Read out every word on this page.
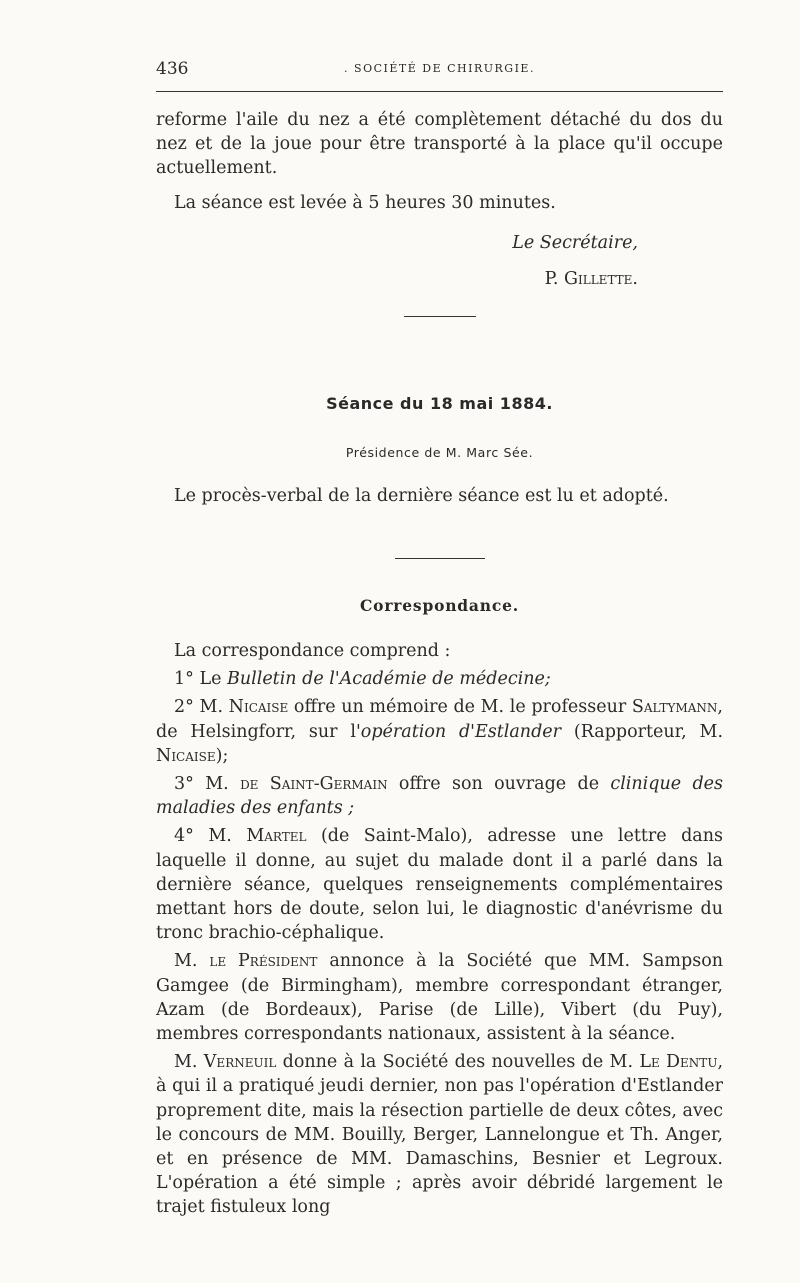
436	. SOCIÉTÉ DE CHIRURGIE.

reforme l'aile du nez a été complètement détaché du dos du nez et de la joue pour être transporté à la place qu'il occupe actuellement.

La séance est levée à 5 heures 30 minutes.

Le Secrétaire,
P. Gillette.
Séance du 18 mai 1884.
Présidence de M. Marc Sée.

Le procès-verbal de la dernière séance est lu et adopté.

Correspondance.

La correspondance comprend :

1° Le Bulletin de l'Académie de médecine;

2° M. Nicaise offre un mémoire de M. le professeur Saltymann, de Helsingforr, sur l'opération d'Estlander (Rapporteur, M. Nicaise);

3° M. de Saint-Germain offre son ouvrage de clinique des maladies des enfants ;

4° M. Martel (de Saint-Malo), adresse une lettre dans laquelle il donne, au sujet du malade dont il a parlé dans la dernière séance, quelques renseignements complémentaires mettant hors de doute, selon lui, le diagnostic d'anévrisme du tronc brachio-céphalique.

M. le Président annonce à la Société que MM. Sampson Gamgee (de Birmingham), membre correspondant étranger, Azam (de Bordeaux), Parise (de Lille), Vibert (du Puy), membres correspondants nationaux, assistent à la séance.

M. Verneuil donne à la Société des nouvelles de M. Le Dentu, à qui il a pratiqué jeudi dernier, non pas l'opération d'Estlander proprement dite, mais la résection partielle de deux côtes, avec le concours de MM. Bouilly, Berger, Lannelongue et Th. Anger, et en présence de MM. Damaschins, Besnier et Legroux. L'opération a été simple ; après avoir débridé largement le trajet fistuleux long
